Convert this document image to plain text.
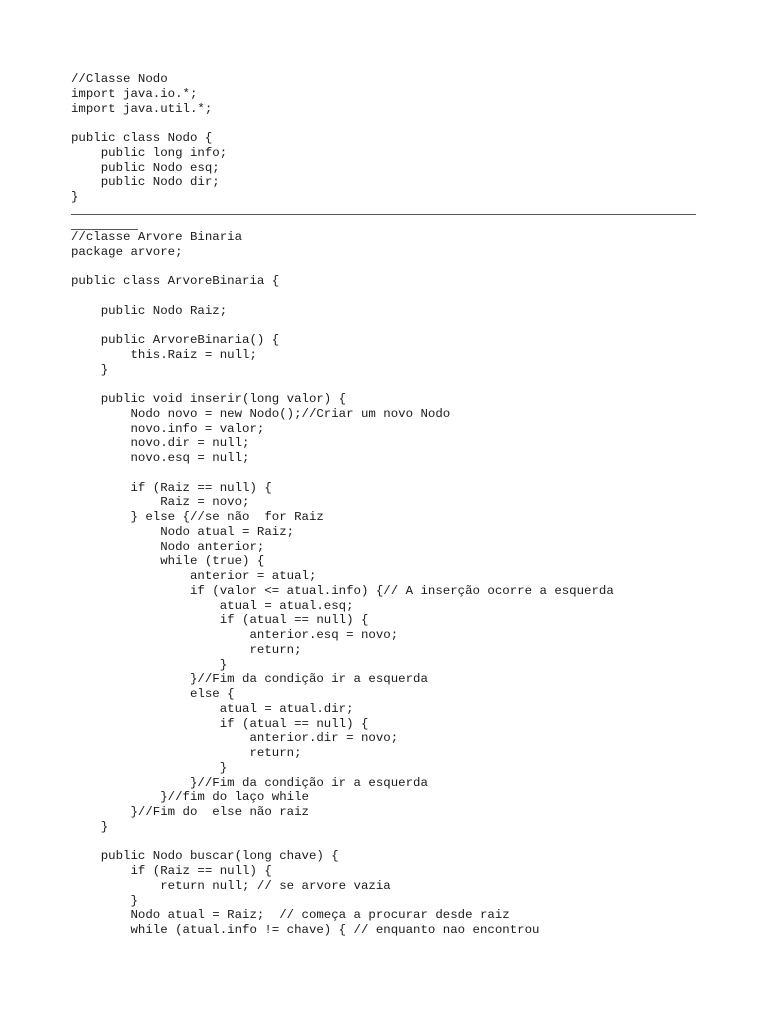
//Classe Nodo
import java.io.*;
import java.util.*;

public class Nodo {
public long info;
public Nodo esq;
public Nodo dir;
}
//classe Arvore Binaria
package arvore;

public class ArvoreBinaria {

public Nodo Raiz;

public ArvoreBinaria() {
this.Raiz = null;
}

public void inserir(long valor) {
Nodo novo = new Nodo();//Criar um novo Nodo
novo.info = valor;
novo.dir = null;
novo.esq = null;

if (Raiz == null) {
Raiz = novo;
} else {//se não  for Raiz
Nodo atual = Raiz;
Nodo anterior;
while (true) {
anterior = atual;
if (valor <= atual.info) {// A inserção ocorre a esquerda
atual = atual.esq;
if (atual == null) {
anterior.esq = novo;
return;
}
}//Fim da condição ir a esquerda
else {
atual = atual.dir;
if (atual == null) {
anterior.dir = novo;
return;
}
}//Fim da condição ir a esquerda
}//fim do laço while
}//Fim do  else não raiz
}

public Nodo buscar(long chave) {
if (Raiz == null) {
return null; // se arvore vazia
}
Nodo atual = Raiz;  // começa a procurar desde raiz
while (atual.info != chave) { // enquanto nao encontrou
